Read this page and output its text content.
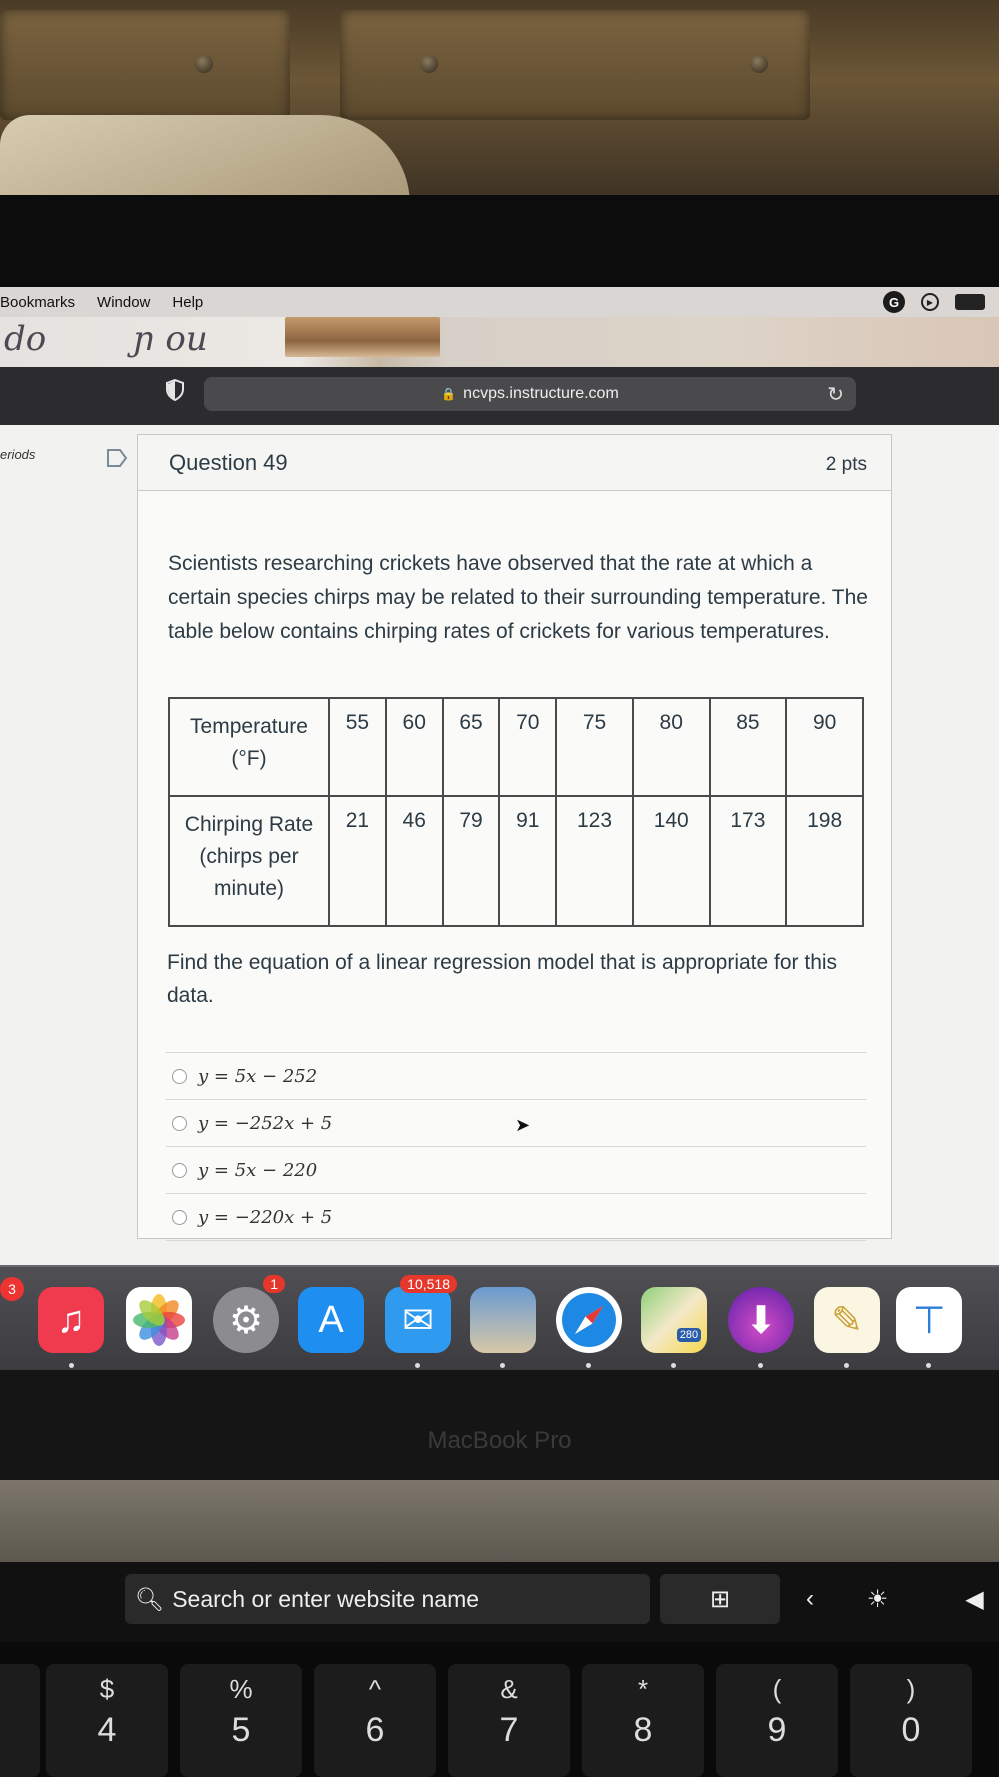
Bookmarks Window Help	G	▶
do        ɲ ou
🔒 ncvps.instructure.com	↻
eriods	Question 49	2 pts
Scientists researching crickets have observed that the rate at which a certain species chirps may be related to their surrounding temperature. The table below contains chirping rates of crickets for various temperatures.
Temperature (°F)	55	60	65	70	75	80	85	90
Chirping Rate (chirps per minute)	21	46	79	91	123	140	173	198
Find the equation of a linear regression model that is appropriate for this data.
y = 5x − 252
y = −252x + 5
y = 5x − 220
y = −220x + 5
➤
3
♫	⚙
1
A	✉
10,518
280	⬇	✎	⊤
MacBook Pro
🔍︎ Search or enter website name	⊞	‹	☀	◀
$
4
%
5
^
6
&
7
*
8
(
9
)
0
